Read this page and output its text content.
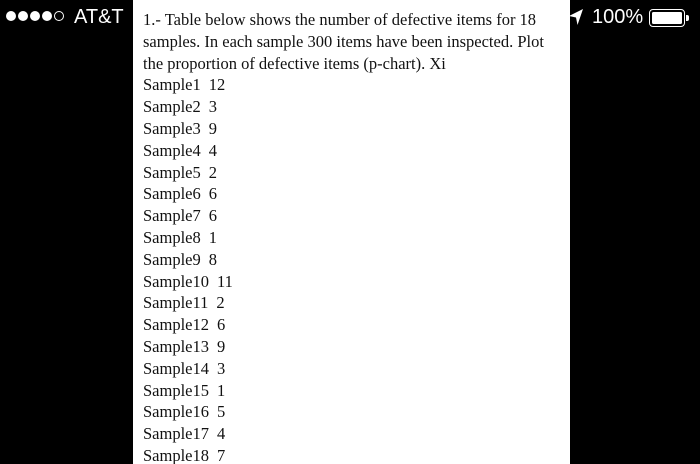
AT&T	100%

1.- Table below shows the number of defective items for 18 samples. In each sample 300 items have been inspected. Plot the proportion of defective items (p-chart). Xi

Sample1 12
Sample2 3
Sample3 9
Sample4 4
Sample5 2
Sample6 6
Sample7 6
Sample8 1
Sample9 8
Sample10 11
Sample11 2
Sample12 6
Sample13 9
Sample14 3
Sample15 1
Sample16 5
Sample17 4
Sample18 7
